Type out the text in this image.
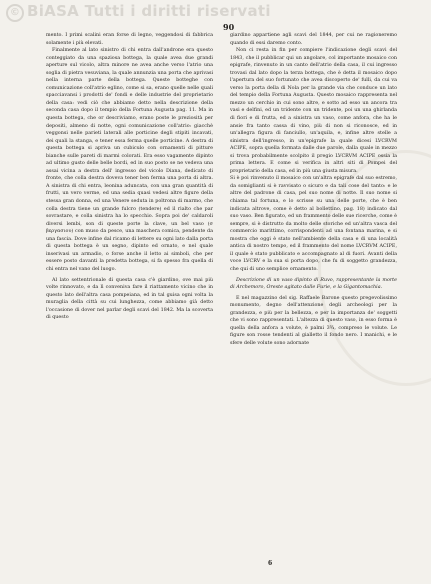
© BiASA Tutti i diritti riservati
90

mento. I primi scalini eran forse di legno, veggendosi di fabbrica solamente i più elevati.

Finalmente al lato sinistro di chi entra dall'androne era questo conteggiato da una spaziosa bottega, la quale avea due grandi aperture sul vicolo, altra minore ne avea anche verso l'atrio una soglia di pietra vesuviana, la quale annunzia una porta che aprivasi nella interna parte della bottega. Queste botteghe con comunicazione coll'atrio eglino, come si sa, erano quelle nelle quali spacciavansi i prodotti de' fondi e delle industrie del proprietario della casa: vedi ciò che abbiamo detto nella descrizione della seconda casa dopo il tempio della Fortuna Augusta pag. 11. Ma in questa bottega, che or descriviamo, erano poste le preziosità per depositi, almeno di notte, ogni comunicazione coll'atrio: giacchè veggonsi nelle parieti laterali alle porticine degli stipiti incavati, dei quali la stanga, e tener essa ferma quelle porticine. A destra di questa bottega si apriva un cubiculo con ornamenti di pitture bianche sulle pareti di marmi colorati. Era esso vagamente dipinto ad ultimo gusto delle belle bordi, ed in suo posto se ne vedeva una assai vicina a destra dell' ingresso del vicolo Diana, dedicato di fronte, che colla destra doveva tener ben ferma una porta di altra. A sinistra di chi entra, leonina aduncata, con una gran quantità di frutti, un vero verme, ed una sedia quasi vedesi altre figure della stessa gran donna, ed una Venere seduta in poltrona di marmo, che colla destra tiene un grande fulcro (tendere) ed il rialto che par sovrastare, e colla sinistra ha lo specchio. Sopra poi de' caldaroli diversi lembi, son di queste porte la clave, un bel vaso (σ βεργασιου) con muso da pesce, una maschera comica, pendente da una fascia. Dove infine dal ricamo di lettere su ogni lato dalla porta di questa bottega è un segno, dipinto ed ornato, e nel quale inserivasi un armadio, o forse anche il letto ai simboli, che per essere posto davanti la predetta bottega, si fa spesso fra quella di chi entra nel vano del luogo.

Al lato settentrionale di questa casa c'è giardino, ove mai più volte rinnovato, e da lì conveniva fare il riattamento vicino che in questo lato dell'altra casa pompeiana, ed in tal guisa ogni volta la muraglia della città su cui lunghezza, come abbiamo già detto l'occasione di dover nel parlar degli scavi del 1842. Ma la scoverta di questo

giardino appartiene agli scavi del 1844, per cui ne ragioneremo quando di essi daremo conto.

Non ci resta in fin per compiere l'indicazione degli scavi del 1843, che il pubblicar qui un angolare, col importante mosaico con epigrafe, rinvenuto in un canto dell'atrio della casa, il cui ingresso trovasi dal lato dopo la terza bottega, che è detta il mosaico dopo l'apertura del suo fortunato che avea discoperto de' fulli, da cui va verso la porta della di Nola per la grande via che conduce un lato del tempio della Fortuna Augusta. Questo mosaico rappresenta nel mezzo un cerchio in cui sono altre, e sotto ad esso un ancora tra vasi e delfini, ed un tridente con un tridente, poi un una ghirlanda di fiori e di frutta, ed a sinistra un vaso, come anfora, che ha le ansie fra tanto cassa di vino, più di non si riconosce, ed in un'allegra figura di fanciullo, un'aquila, e, infine altre stelle a sinistra dell'ingresso, in un'epigrafe la quale dicesi LVCRVM ACIPE, sopra quella formata dalle due parole, dalla quale in mezzo si trova probabilmente scolpito il pregio LVCRVM ACIPE ossia la prima lettera. E come si verifica in altri siti di Pompei del proprietario della casa, ed in più una giusta misura.

Si è poi rinvenuto il mosaico con un'altra epigrafe dal suo estremo, da somiglianti si è ravvisato o sicuro e da tali cose del tanto: e le altre del padrone di casa, pel suo nome di notte. Il suo nome si chiama tal fortuna, e lo scrisse su una delle porte, che è ben indicata altrove, come è detto al bollettino, pag. 18) indicato dal suo vaso. Ben figurato, ed un frammento delle sue ricerche, come è sempre, si è distrutto da molto delle storiche ed un'altra vasca del commercio marittimo, corrispondenti ad una fontana marina, e si mostra che oggi è stato nell'ambiente della casa e di una località antica di nostro tempo, ed il frammento del nome LVCRVM ACIPE, il quale è stato pubblicato e accompagnato al di fuori. Avanti della voce LVCRV e la sua si porta dopo, che fu di soggetto grandezza, che qui di uno semplice ornamento.

Descrizione di un vaso dipinto di Ruvo, rappresentante la morte di Archemoro, Oreste agitato dalle Furie, e la Gigantomachia.

E nel magazzino del sig. Raffaele Barone questo pregevolissimo monumento, degno dell'attenzione degli archeologi per la grandezza, e più per la bellezza, e per la importanza de' soggetti che vi sono rappresentati. L'altezza di questo vaso, in esso forma è quella della anfora a volute, è palmi 3¾, compreso le volute. Le figure son rosse tendenti al gialletto il fondo nero. I manichi, e le sfere delle volute sono adornate

6
